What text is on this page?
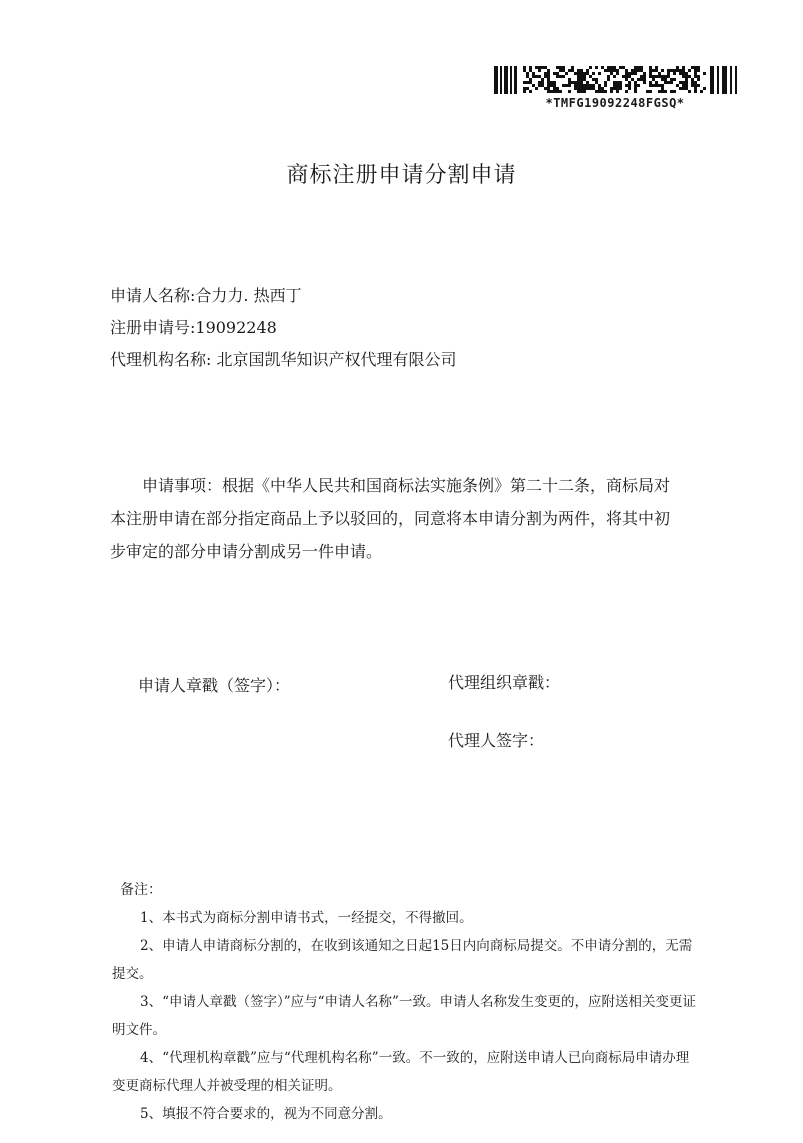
*TMFG19092248FGSQ*
商标注册申请分割申请
申请人名称:合力力. 热西丁
注册申请号:19092248
代理机构名称: 北京国凯华知识产权代理有限公司
申请事项：根据《中华人民共和国商标法实施条例》第二十二条，商标局对本注册申请在部分指定商品上予以驳回的，同意将本申请分割为两件，将其中初步审定的部分申请分割成另一件申请。
申请人章戳（签字）：	代理组织章戳：
代理人签字：
备注：
1、本书式为商标分割申请书式，一经提交，不得撤回。
2、申请人申请商标分割的，在收到该通知之日起15日内向商标局提交。不申请分割的，无需提交。
3、“申请人章戳（签字）”应与“申请人名称”一致。申请人名称发生变更的，应附送相关变更证明文件。
4、“代理机构章戳”应与“代理机构名称”一致。不一致的，应附送申请人已向商标局申请办理变更商标代理人并被受理的相关证明。
5、填报不符合要求的，视为不同意分割。
